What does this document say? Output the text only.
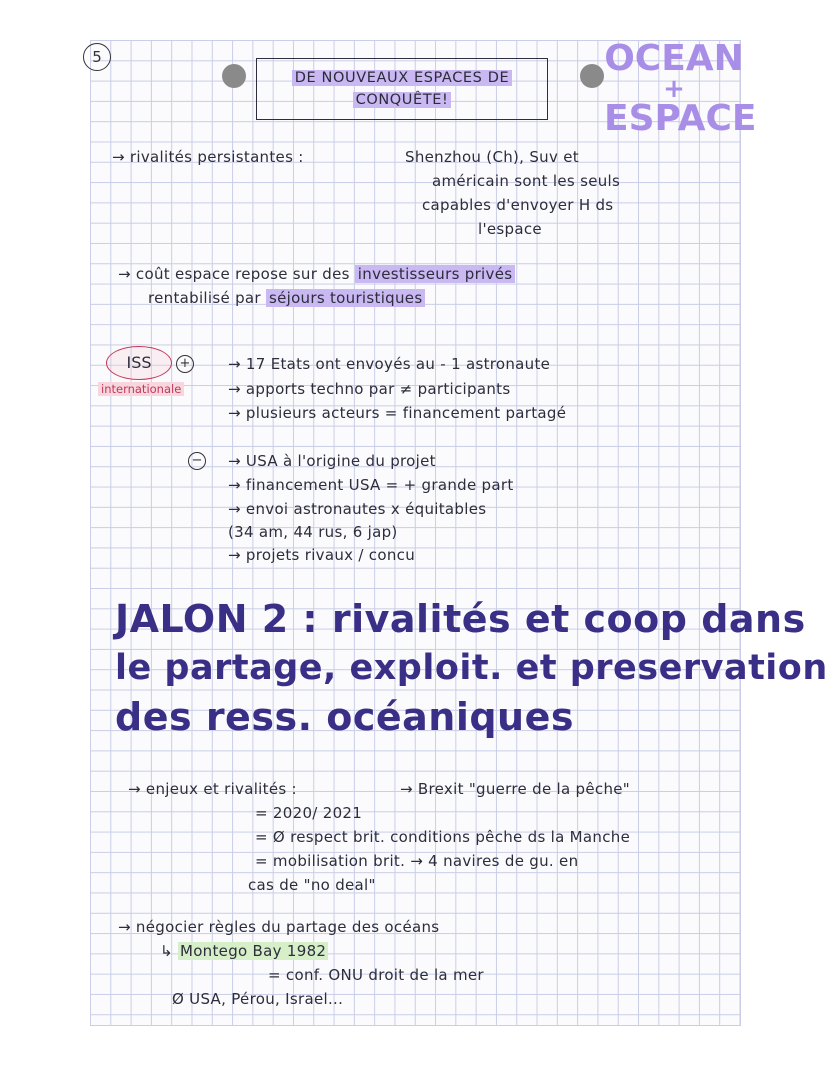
5
DE NOUVEAUX ESPACES DE
CONQUÊTE!
OCEAN
+
ESPACE
→ rivalités persistantes :	Shenzhou (Ch), Suv et
américain sont les seuls
capables d'envoyer H ds
l'espace
→ coût espace repose sur des investisseurs privés
rentabilisé par séjours touristiques
ISS
internationale
+	→ 17 Etats ont envoyés au - 1 astronaute
→ apports techno par ≠ participants
→ plusieurs acteurs = financement partagé
− → USA à l'origine du projet
→ financement USA = + grande part
→ envoi astronautes x équitables
(34 am, 44 rus, 6 jap)
→ projets rivaux / concu
JALON 2 : rivalités et coop dans
le partage, exploit. et preservation
des ress. océaniques
→ enjeux et rivalités :	→ Brexit "guerre de la pêche"
= 2020/ 2021
= Ø respect brit. conditions pêche ds la Manche
= mobilisation brit. → 4 navires de gu. en
cas de "no deal"
→ négocier règles du partage des océans
↳ Montego Bay 1982
= conf. ONU droit de la mer
Ø USA, Pérou, Israel...
